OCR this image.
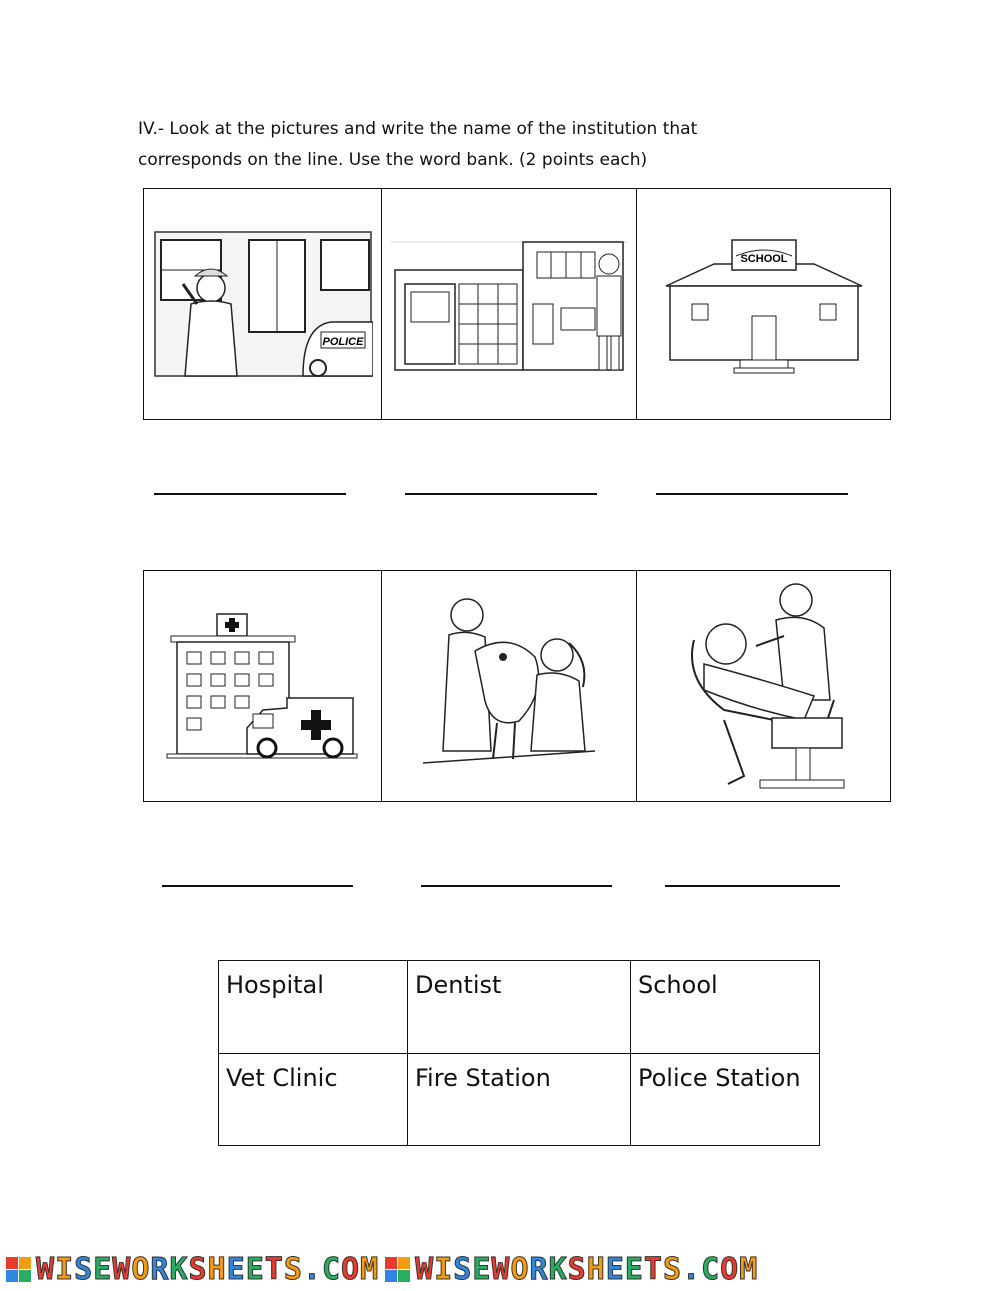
IV.- Look at the pictures and write the name of the institution that
corresponds on the line. Use the word bank. (2 points each)

POLICE

SCHOOL

Hospital	Dentist	School
Vet Clinic	Fire Station	Police Station
WISEWORKSHEETS.COM WISEWORKSHEETS.COM
